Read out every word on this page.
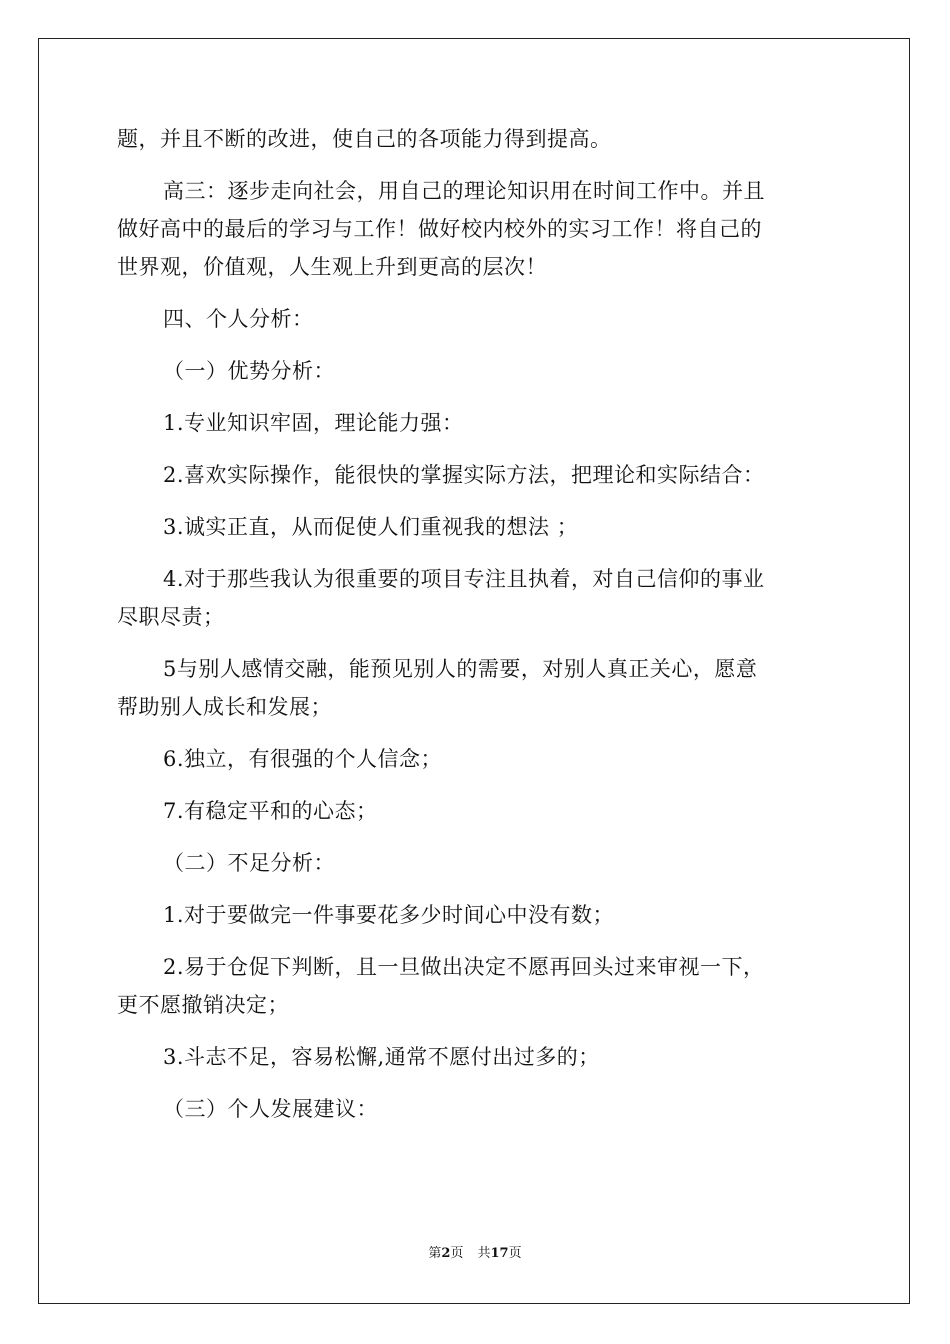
题，并且不断的改进，使自己的各项能力得到提高。
高三：逐步走向社会，用自己的理论知识用在时间工作中。并且
做好高中的最后的学习与工作！做好校内校外的实习工作！将自己的
世界观，价值观，人生观上升到更高的层次！
四、个人分析：
（一）优势分析：
1.专业知识牢固，理论能力强：
2.喜欢实际操作，能很快的掌握实际方法，把理论和实际结合：
3.诚实正直，从而促使人们重视我的想法 ；
4.对于那些我认为很重要的项目专注且执着，对自己信仰的事业
尽职尽责；
5与别人感情交融，能预见别人的需要，对别人真正关心，愿意
帮助别人成长和发展；
6.独立，有很强的个人信念；
7.有稳定平和的心态；
（二）不足分析：
1.对于要做完一件事要花多少时间心中没有数；
2.易于仓促下判断，且一旦做出决定不愿再回头过来审视一下，
更不愿撤销决定；
3.斗志不足，容易松懈,通常不愿付出过多的；
（三）个人发展建议：
第2页 共17页
